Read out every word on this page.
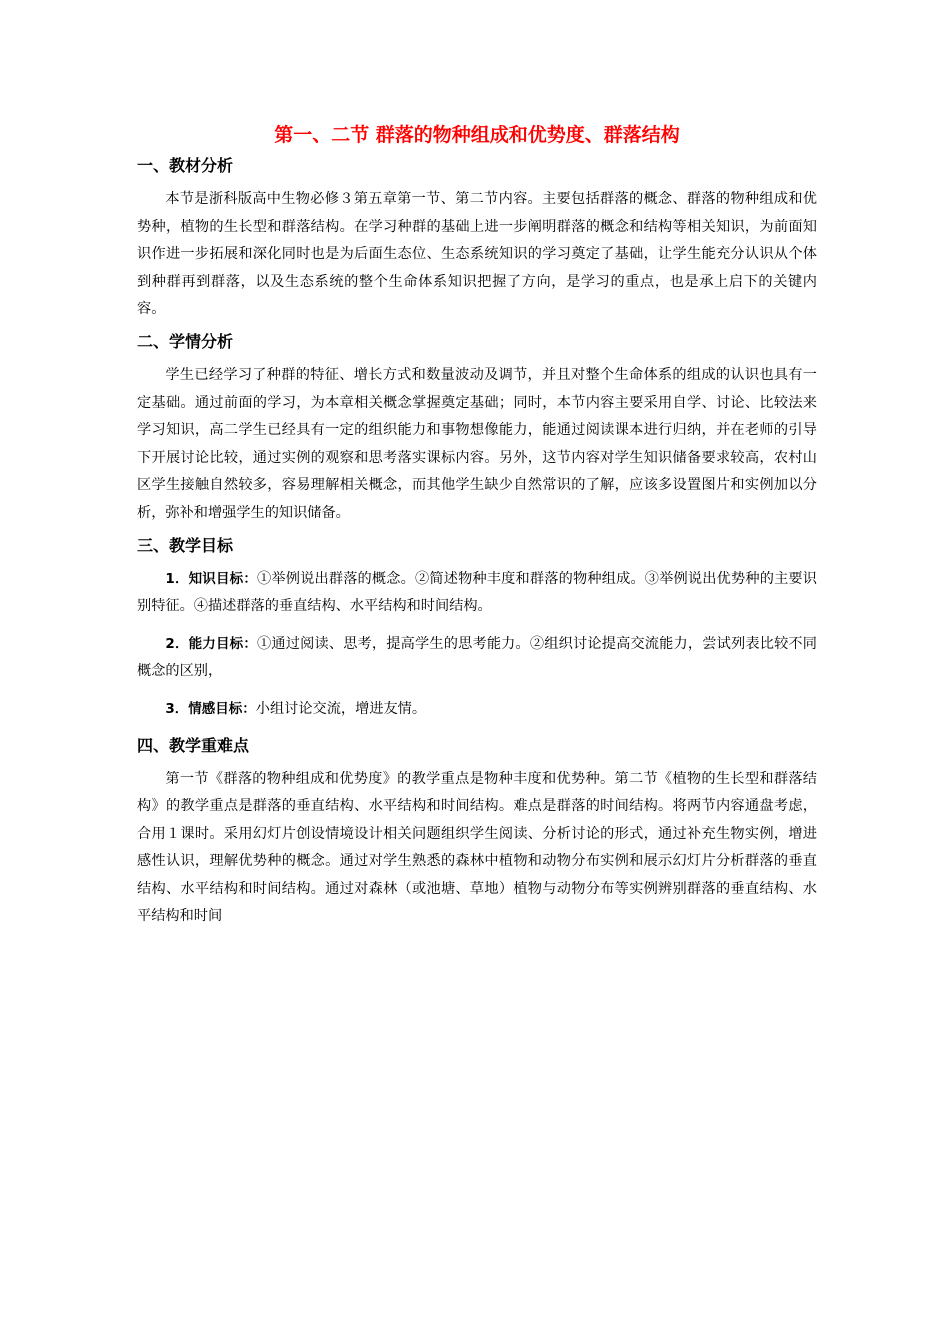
第一、二节 群落的物种组成和优势度、群落结构
一、教材分析

本节是浙科版高中生物必修３第五章第一节、第二节内容。主要包括群落的概念、群落的物种组成和优势种，植物的生长型和群落结构。在学习种群的基础上进一步阐明群落的概念和结构等相关知识，为前面知识作进一步拓展和深化同时也是为后面生态位、生态系统知识的学习奠定了基础，让学生能充分认识从个体到种群再到群落，以及生态系统的整个生命体系知识把握了方向，是学习的重点，也是承上启下的关键内容。

二、学情分析

学生已经学习了种群的特征、增长方式和数量波动及调节，并且对整个生命体系的组成的认识也具有一定基础。通过前面的学习，为本章相关概念掌握奠定基础；同时，本节内容主要采用自学、讨论、比较法来学习知识，高二学生已经具有一定的组织能力和事物想像能力，能通过阅读课本进行归纳，并在老师的引导下开展讨论比较，通过实例的观察和思考落实课标内容。另外，这节内容对学生知识储备要求较高，农村山区学生接触自然较多，容易理解相关概念，而其他学生缺少自然常识的了解，应该多设置图片和实例加以分析，弥补和增强学生的知识储备。

三、教学目标

1．知识目标：①举例说出群落的概念。②简述物种丰度和群落的物种组成。③举例说出优势种的主要识别特征。④描述群落的垂直结构、水平结构和时间结构。

2．能力目标：①通过阅读、思考，提高学生的思考能力。②组织讨论提高交流能力，尝试列表比较不同概念的区别，

3．情感目标：小组讨论交流，增进友情。

四、教学重难点

第一节《群落的物种组成和优势度》的教学重点是物种丰度和优势种。第二节《植物的生长型和群落结构》的教学重点是群落的垂直结构、水平结构和时间结构。难点是群落的时间结构。将两节内容通盘考虑，合用１课时。采用幻灯片创设情境设计相关问题组织学生阅读、分析讨论的形式，通过补充生物实例，增进感性认识，理解优势种的概念。通过对学生熟悉的森林中植物和动物分布实例和展示幻灯片分析群落的垂直结构、水平结构和时间结构。通过对森林（或池塘、草地）植物与动物分布等实例辨别群落的垂直结构、水平结构和时间
